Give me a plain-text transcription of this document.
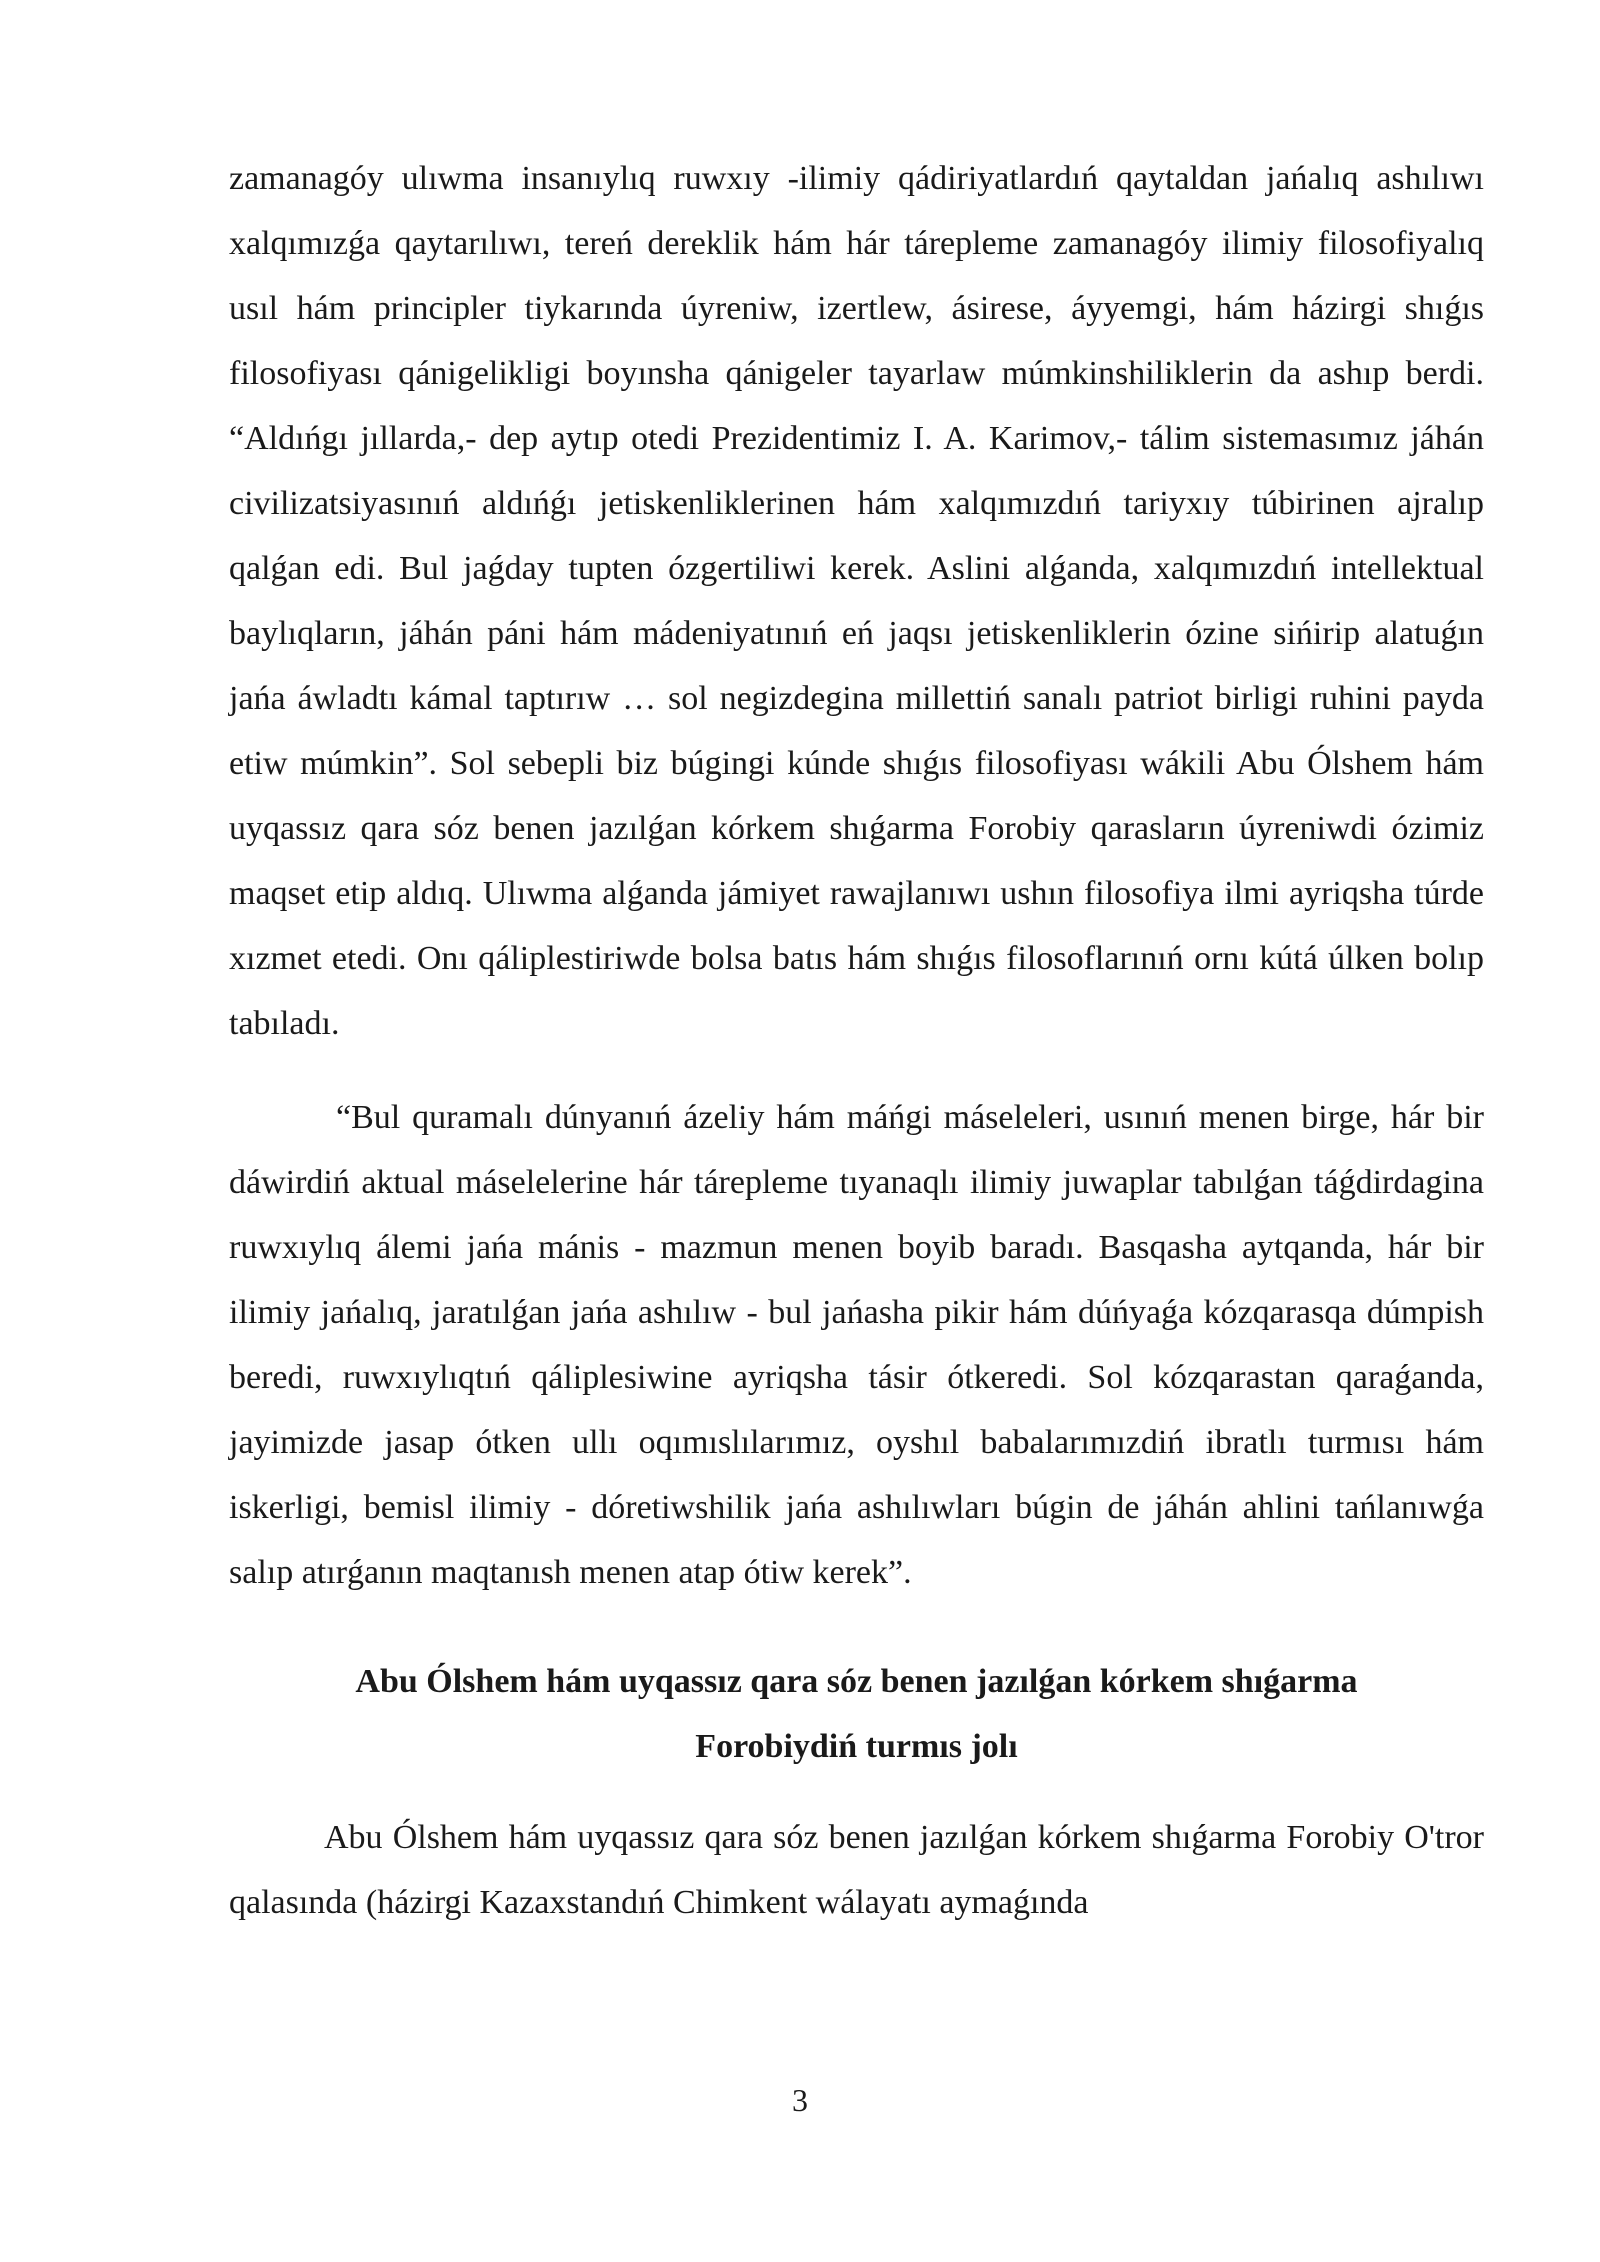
zamanagóy ulıwma insanıylıq ruwxıy -ilimiy qádiriyatlardıń qaytaldan jańalıq ashılıwı xalqımızǵa qaytarılıwı, tereń dereklik hám hár tárepleme zamanagóy ilimiy filosofiyalıq usıl hám principler tiykarında úyreniw, izertlew, ásirese, áyyemgi, hám házirgi shıǵıs filosofiyası qánigelikligi boyınsha qánigeler tayarlaw múmkinshiliklerin da ashıp berdi. “Aldıńgı jıllarda,- dep aytıp otedi Prezidentimiz I. A. Karimov,- tálim sistemasımız jáhán civilizatsiyasınıń aldıńǵı jetiskenliklerinen hám xalqımızdıń tariyxıy túbirinen ajralıp qalǵan edi. Bul jaǵday tupten ózgertiliwi kerek. Aslini alǵanda, xalqımızdıń intellektual baylıqların, jáhán páni hám mádeniyatınıń eń jaqsı jetiskenliklerin ózine sińirip alatuǵın jańa áwladtı kámal taptırıw … sol negizdegina millettiń sanalı patriot birligi ruhini payda etiw múmkin”. Sol sebepli biz búgingi kúnde shıǵıs filosofiyası wákili Abu Ólshem hám uyqassız qara sóz benen jazılǵan kórkem shıǵarma Forobiy qarasların úyreniwdi ózimiz maqset etip aldıq. Ulıwma alǵanda jámiyet rawajlanıwı ushın filosofiya ilmi ayriqsha túrde xızmet etedi. Onı qáliplestiriwde bolsa batıs hám shıǵıs filosoflarınıń ornı kútá úlken bolıp tabıladı.

“Bul quramalı dúnyanıń ázeliy hám máńgi máseleleri, usınıń menen birge, hár bir dáwirdiń aktual máselelerine hár tárepleme tıyanaqlı ilimiy juwaplar tabılǵan táǵdirdagina ruwxıylıq álemi jańa mánis - mazmun menen boyib baradı. Basqasha aytqanda, hár bir ilimiy jańalıq, jaratılǵan jańa ashılıw - bul jańasha pikir hám dúńyaǵa kózqarasqa dúmpish beredi, ruwxıylıqtıń qáliplesiwine ayriqsha tásir ótkeredi. Sol kózqarastan qaraǵanda, jayimizde jasap ótken ullı oqımıslılarımız, oyshıl babalarımızdiń ibratlı turmısı hám iskerligi, bemisl ilimiy - dóretiwshilik jańa ashılıwları búgin de jáhán ahlini tańlanıwǵa salıp atırǵanın maqtanısh menen atap ótiw kerek”.

Abu Ólshem hám uyqassız qara sóz benen jazılǵan kórkem shıǵarma
Forobiydiń turmıs jolı

Abu Ólshem hám uyqassız qara sóz benen jazılǵan kórkem shıǵarma Forobiy O'tror qalasında (házirgi Kazaxstandıń Chimkent wálayatı aymaǵında

3
